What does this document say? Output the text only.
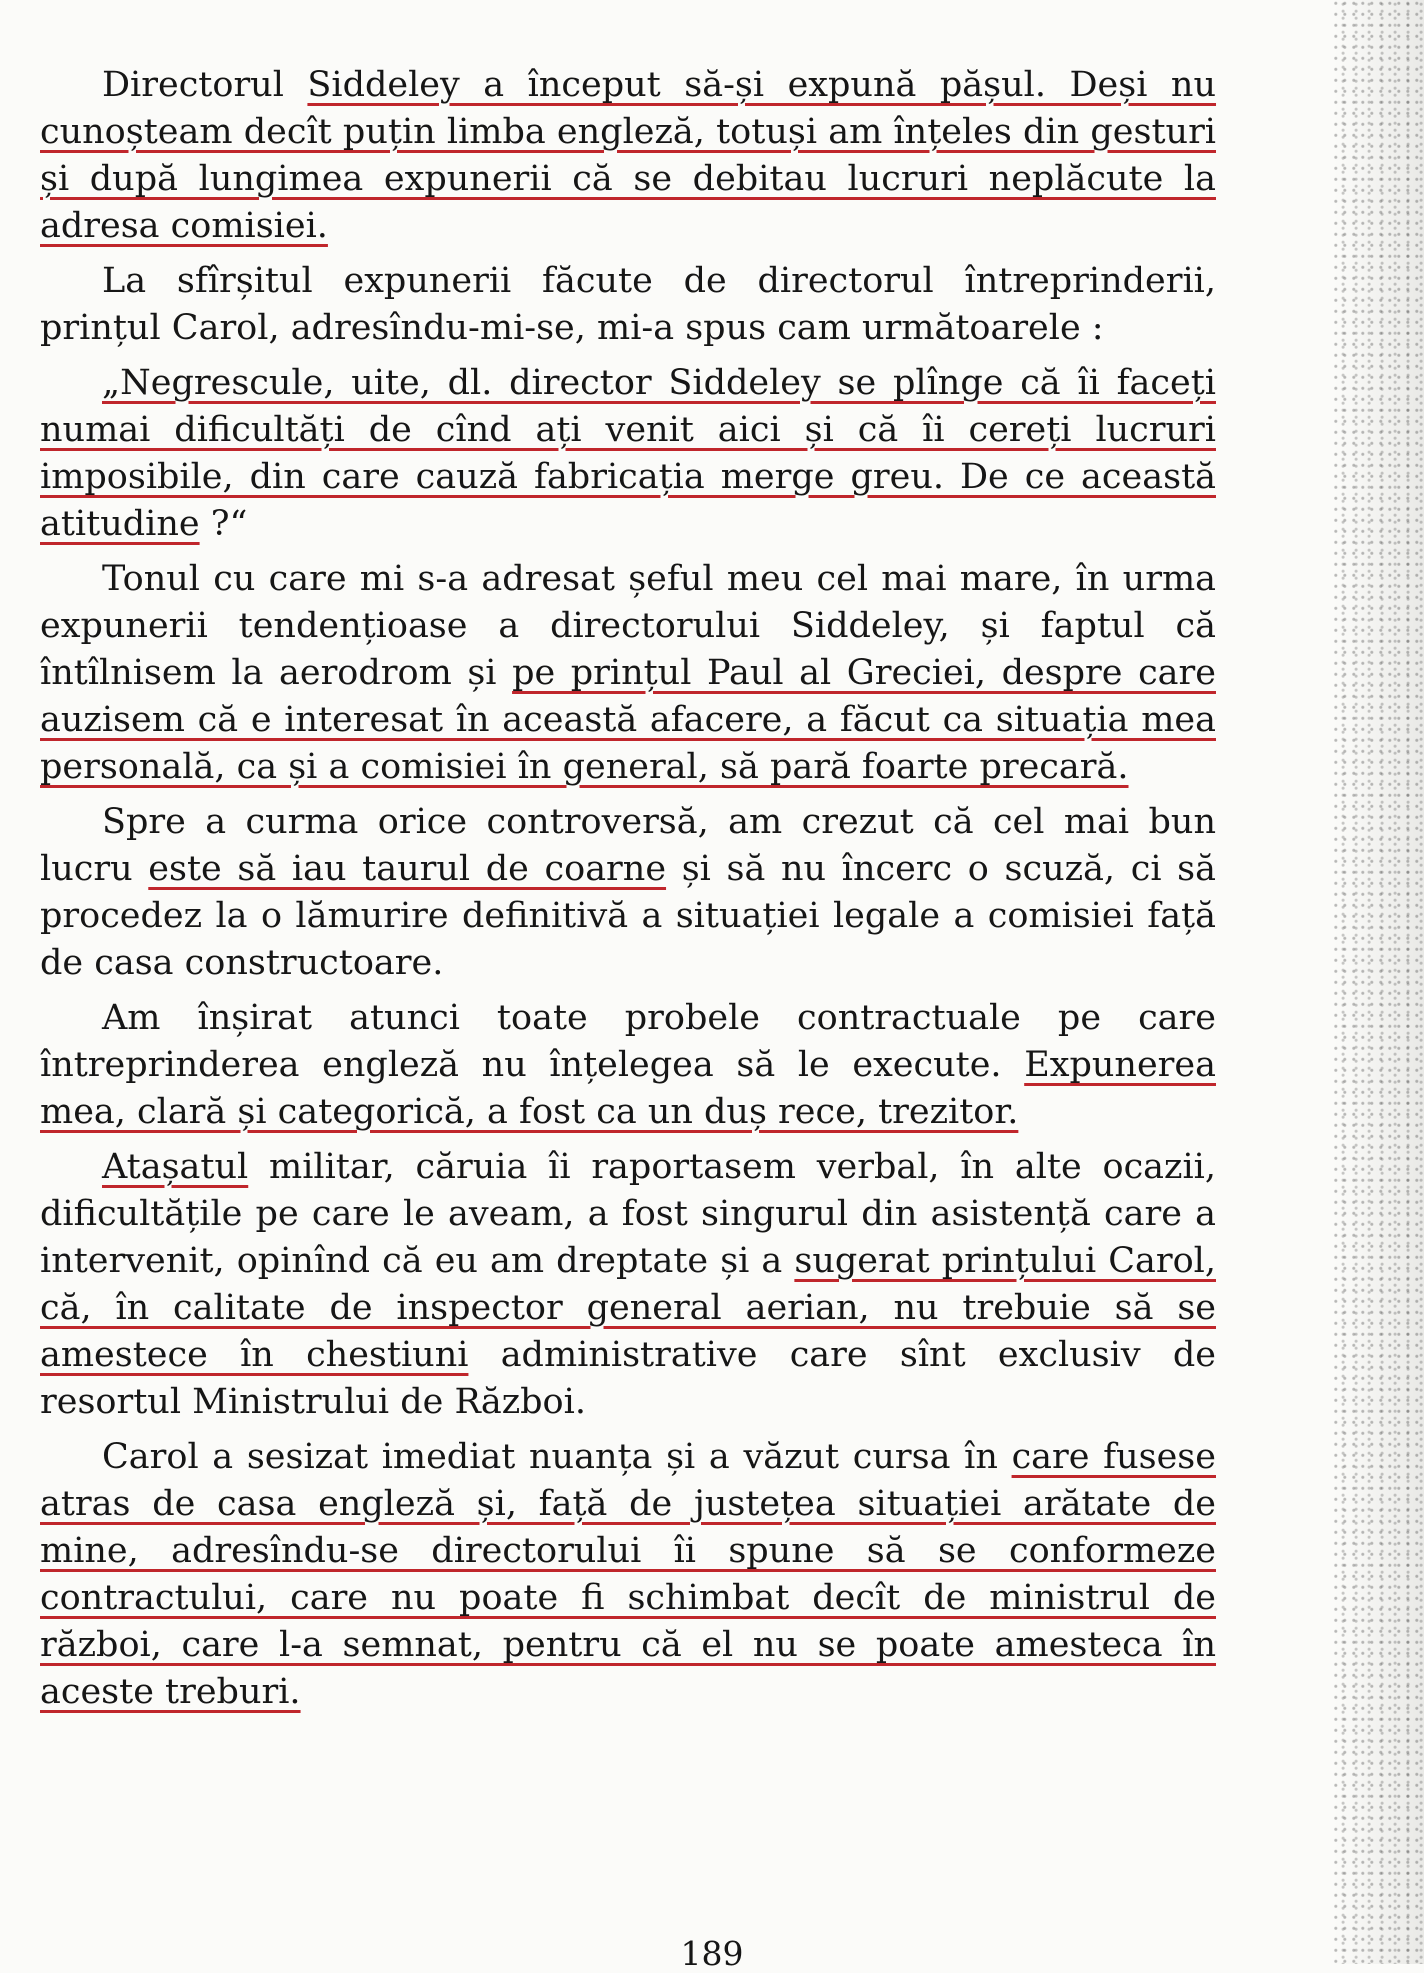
Directorul Siddeley a început să-și expună pășul. Deși nu cunoșteam decît puțin limba engleză, totuși am înțeles din gesturi și după lungimea expunerii că se debitau lucruri neplăcute la adresa comisiei.

La sfîrșitul expunerii făcute de directorul întreprinderii, prințul Carol, adresîndu-mi-se, mi-a spus cam următoarele :

„Negrescule, uite, dl. director Siddeley se plînge că îi faceți numai dificultăți de cînd ați venit aici și că îi cereți lucruri imposibile, din care cauză fabricația merge greu. De ce această atitudine ?“

Tonul cu care mi s-a adresat șeful meu cel mai mare, în urma expunerii tendențioase a directorului Siddeley, și faptul că întîlnisem la aerodrom și pe prințul Paul al Greciei, despre care auzisem că e interesat în această afacere, a făcut ca situația mea personală, ca și a comisiei în general, să pară foarte precară.

Spre a curma orice controversă, am crezut că cel mai bun lucru este să iau taurul de coarne și să nu încerc o scuză, ci să procedez la o lămurire definitivă a situației legale a comisiei față de casa constructoare.

Am înșirat atunci toate probele contractuale pe care întreprinderea engleză nu înțelegea să le execute. Expunerea mea, clară și categorică, a fost ca un duș rece, trezitor.

Atașatul militar, căruia îi raportasem verbal, în alte ocazii, dificultățile pe care le aveam, a fost singurul din asistență care a intervenit, opinînd că eu am dreptate și a sugerat prințului Carol, că, în calitate de inspector general aerian, nu trebuie să se amestece în chestiuni administrative care sînt exclusiv de resortul Ministrului de Război.

Carol a sesizat imediat nuanța și a văzut cursa în care fusese atras de casa engleză și, față de justețea situației arătate de mine, adresîndu-se directorului îi spune să se conformeze contractului, care nu poate fi schimbat decît de ministrul de război, care l-a semnat, pentru că el nu se poate amesteca în aceste treburi.

189
